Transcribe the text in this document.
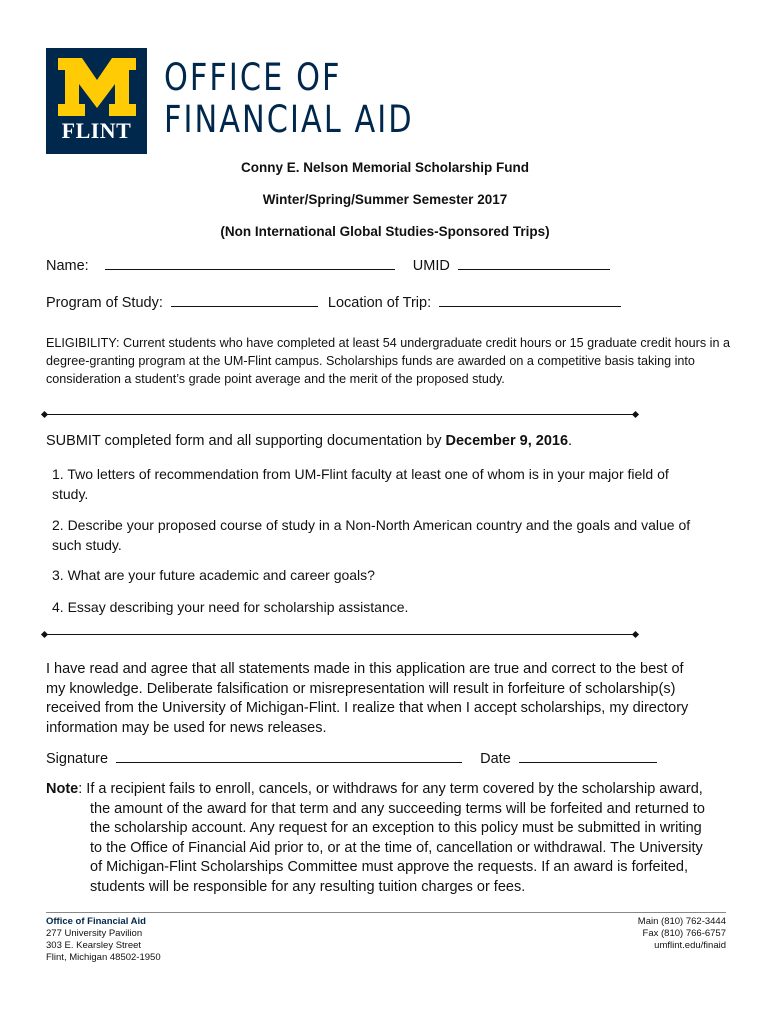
FLINT
OFFICE OF
FINANCIAL AID
Conny E. Nelson Memorial Scholarship Fund
Winter/Spring/Summer Semester 2017
(Non International Global Studies-Sponsored Trips)
Name:	UMID
Program of Study:	Location of Trip:
ELIGIBILITY: Current students who have completed at least 54 undergraduate credit hours or 15 graduate credit hours in a degree-granting program at the UM-Flint campus. Scholarships funds are awarded on a competitive basis taking into consideration a student’s grade point average and the merit of the proposed study.
SUBMIT completed form and all supporting documentation by December 9, 2016.
1. Two letters of recommendation from UM-Flint faculty at least one of whom is in your major field of study.
2. Describe your proposed course of study in a Non-North American country and the goals and value of such study.
3. What are your future academic and career goals?
4. Essay describing your need for scholarship assistance.
I have read and agree that all statements made in this application are true and correct to the best of my knowledge. Deliberate falsification or misrepresentation will result in forfeiture of scholarship(s) received from the University of Michigan-Flint. I realize that when I accept scholarships, my directory information may be used for news releases.
Signature	Date
Note: If a recipient fails to enroll, cancels, or withdraws for any term covered by the scholarship award, the amount of the award for that term and any succeeding terms will be forfeited and returned to the scholarship account. Any request for an exception to this policy must be submitted in writing to the Office of Financial Aid prior to, or at the time of, cancellation or withdrawal. The University of Michigan-Flint Scholarships Committee must approve the requests. If an award is forfeited, students will be responsible for any resulting tuition charges or fees.
Office of Financial Aid
277 University Pavilion
303 E. Kearsley Street
Flint, Michigan 48502-1950
Main (810) 762-3444
Fax (810) 766-6757
umflint.edu/finaid
